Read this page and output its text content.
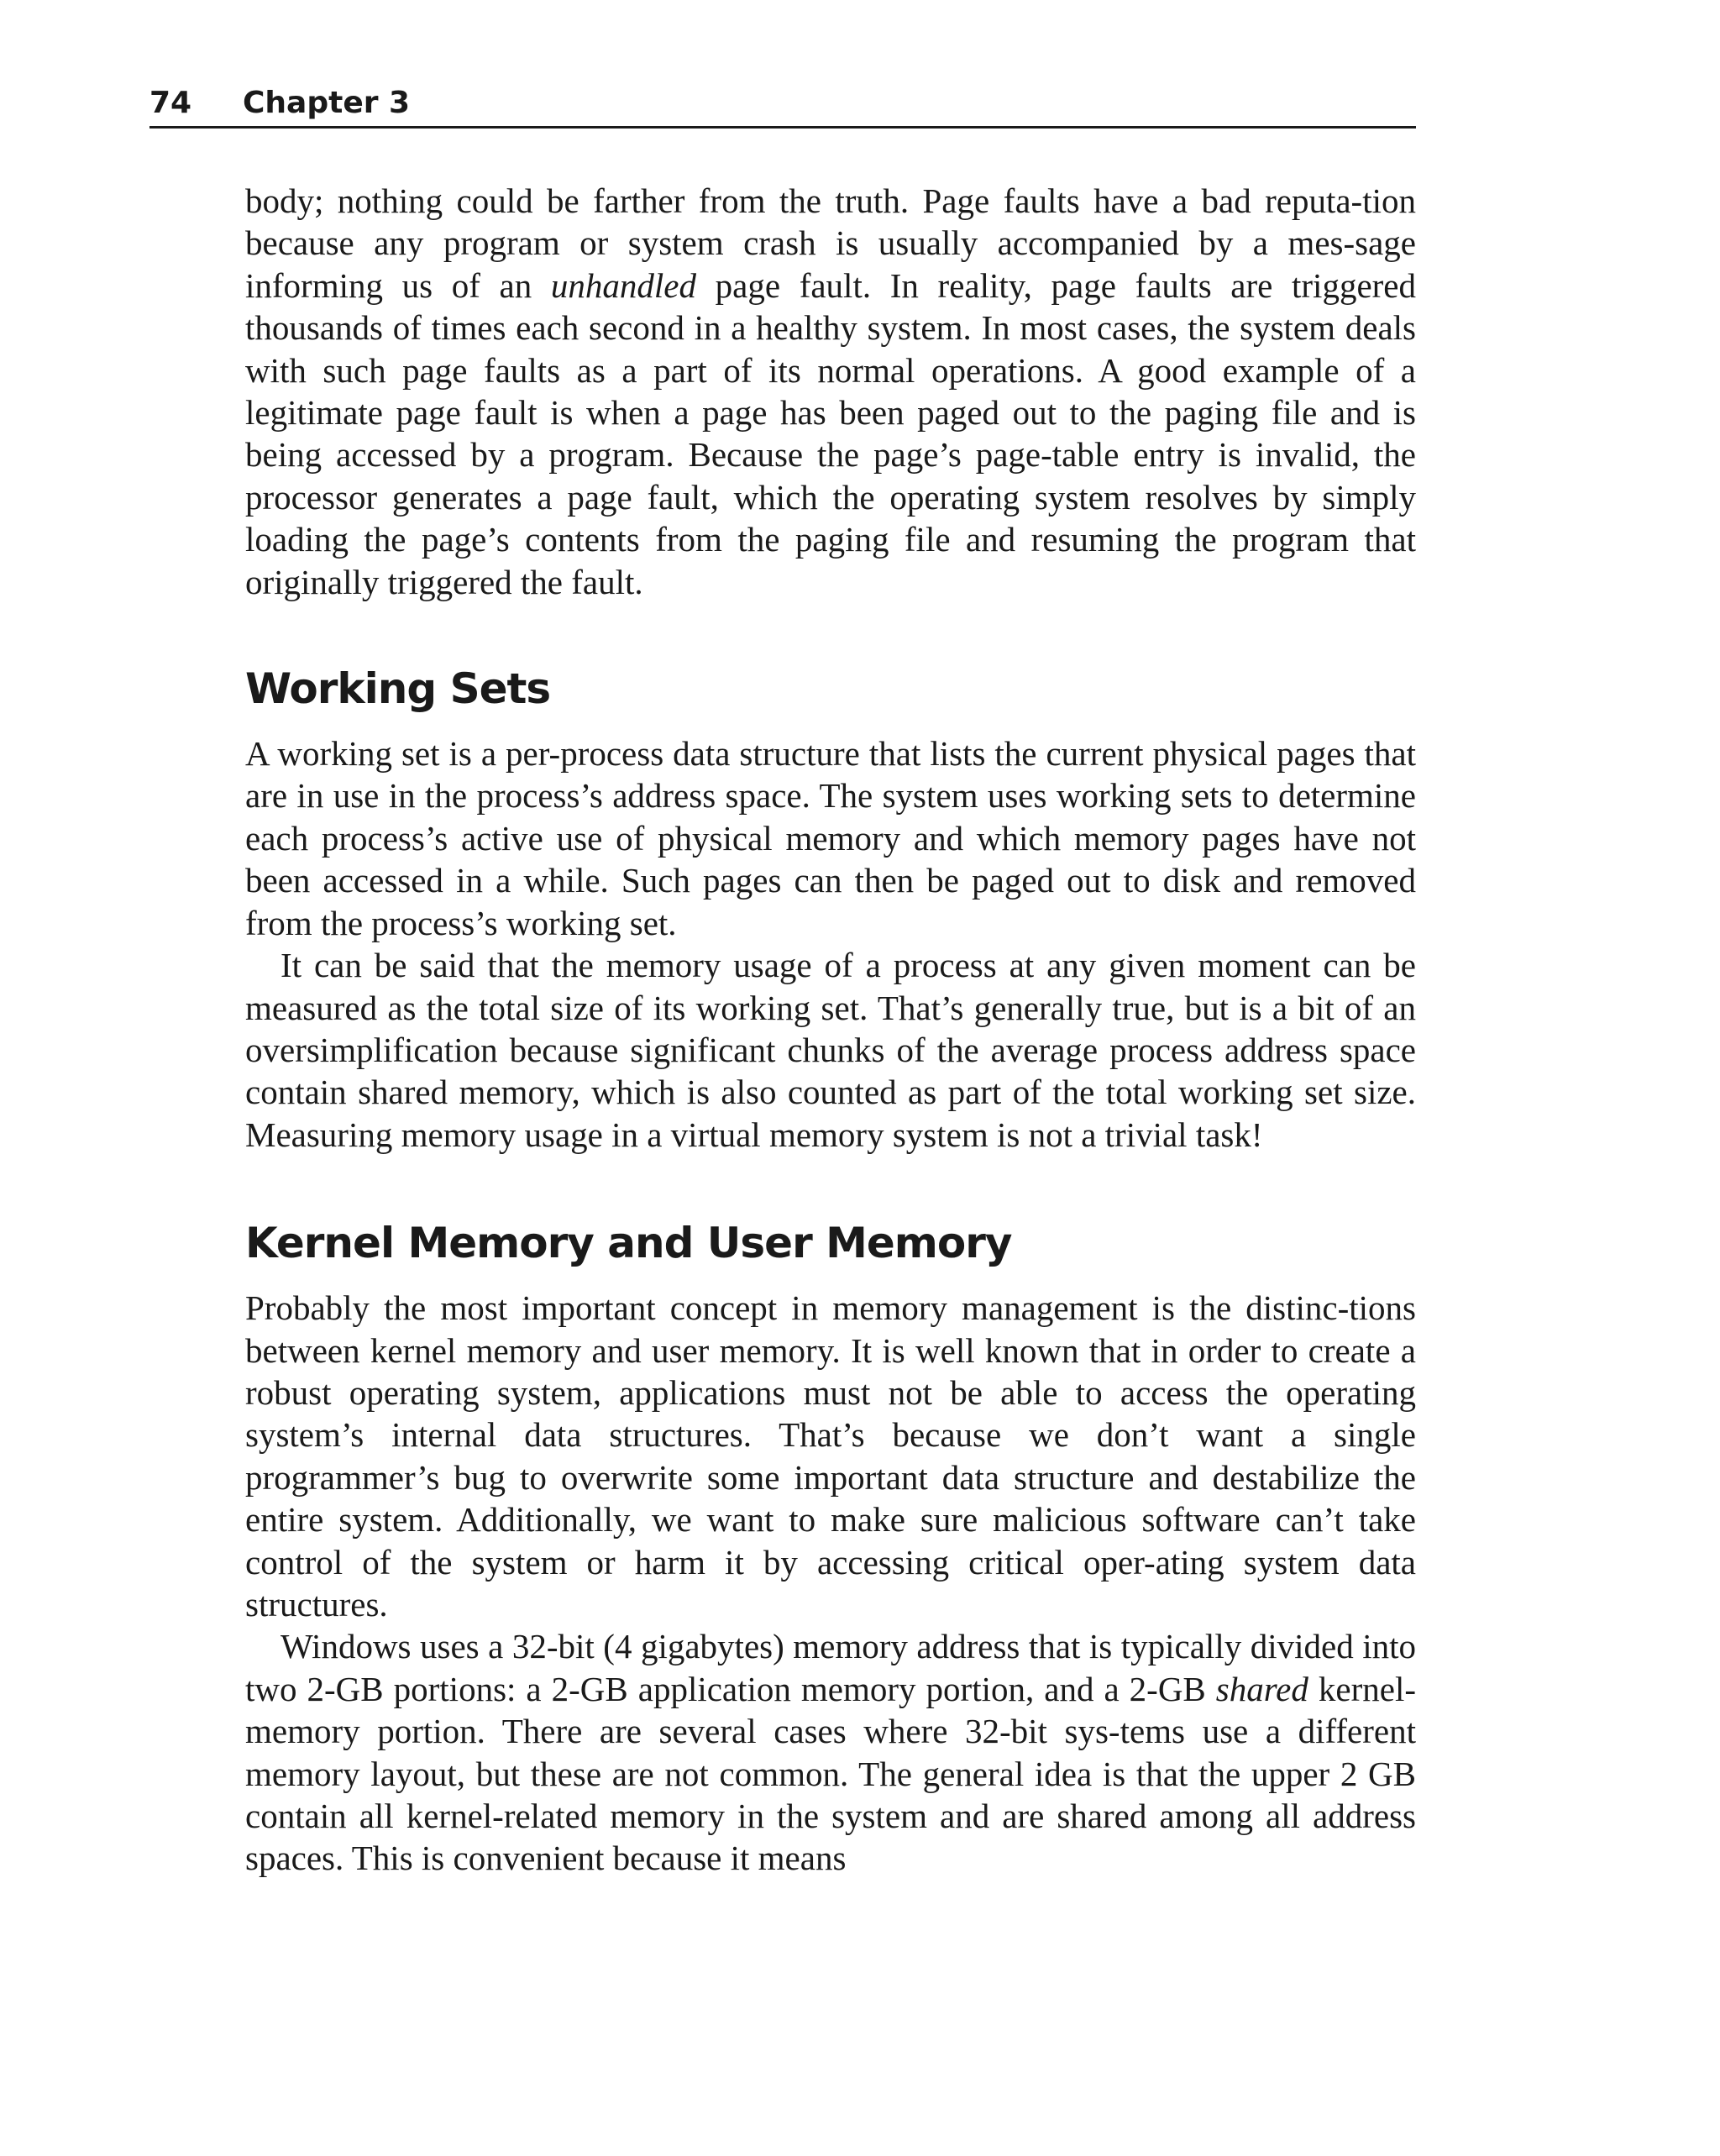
74 Chapter 3

body; nothing could be farther from the truth. Page faults have a bad reputa-tion because any program or system crash is usually accompanied by a mes-sage informing us of an unhandled page fault. In reality, page faults are triggered thousands of times each second in a healthy system. In most cases, the system deals with such page faults as a part of its normal operations. A good example of a legitimate page fault is when a page has been paged out to the paging file and is being accessed by a program. Because the page’s page-table entry is invalid, the processor generates a page fault, which the operating system resolves by simply loading the page’s contents from the paging file and resuming the program that originally triggered the fault.

Working Sets

A working set is a per-process data structure that lists the current physical pages that are in use in the process’s address space. The system uses working sets to determine each process’s active use of physical memory and which memory pages have not been accessed in a while. Such pages can then be paged out to disk and removed from the process’s working set.

It can be said that the memory usage of a process at any given moment can be measured as the total size of its working set. That’s generally true, but is a bit of an oversimplification because significant chunks of the average process address space contain shared memory, which is also counted as part of the total working set size. Measuring memory usage in a virtual memory system is not a trivial task!

Kernel Memory and User Memory

Probably the most important concept in memory management is the distinc-tions between kernel memory and user memory. It is well known that in order to create a robust operating system, applications must not be able to access the operating system’s internal data structures. That’s because we don’t want a single programmer’s bug to overwrite some important data structure and destabilize the entire system. Additionally, we want to make sure malicious software can’t take control of the system or harm it by accessing critical oper-ating system data structures.

Windows uses a 32-bit (4 gigabytes) memory address that is typically divided into two 2-GB portions: a 2-GB application memory portion, and a 2-GB shared kernel-memory portion. There are several cases where 32-bit sys-tems use a different memory layout, but these are not common. The general idea is that the upper 2 GB contain all kernel-related memory in the system and are shared among all address spaces. This is convenient because it means
